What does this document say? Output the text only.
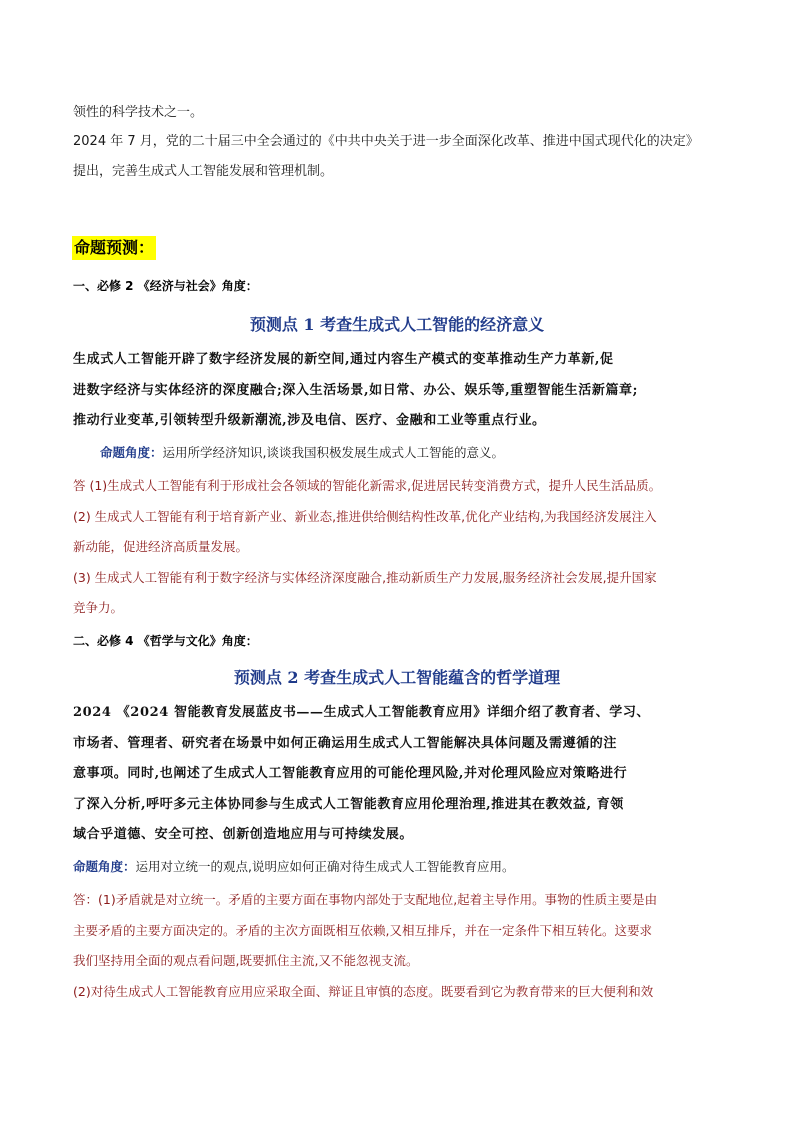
领性的科学技术之一。
2024 年 7 月，党的二十届三中全会通过的《中共中央关于进一步全面深化改革、推进中国式现代化的决定》
提出，完善生成式人工智能发展和管理机制。
命题预测：
一、必修 2 《经济与社会》角度：
预测点 1 考查生成式人工智能的经济意义
生成式人工智能开辟了数字经济发展的新空间,通过内容生产模式的变革推动生产力革新,促
进数字经济与实体经济的深度融合;深入生活场景,如日常、办公、娱乐等,重塑智能生活新篇章;
推动行业变革,引领转型升级新潮流,涉及电信、医疗、金融和工业等重点行业。
命题角度：运用所学经济知识,谈谈我国积极发展生成式人工智能的意义。
答 (1)生成式人工智能有利于形成社会各领域的智能化新需求,促进居民转变消费方式，提升人民生活品质。
(2) 生成式人工智能有利于培育新产业、新业态,推进供给侧结构性改革,优化产业结构,为我国经济发展注入
新动能，促进经济高质量发展。
(3) 生成式人工智能有利于数字经济与实体经济深度融合,推动新质生产力发展,服务经济社会发展,提升国家
竞争力。
二、必修 4 《哲学与文化》角度：
预测点 2 考查生成式人工智能蕴含的哲学道理
2024 《2024 智能教育发展蓝皮书——生成式人工智能教育应用》详细介绍了教育者、学习、
市场者、管理者、研究者在场景中如何正确运用生成式人工智能解决具体问题及需遵循的注
意事项。同时,也阐述了生成式人工智能教育应用的可能伦理风险,并对伦理风险应对策略进行
了深入分析,呼吁多元主体协同参与生成式人工智能教育应用伦理治理,推进其在教效益, 育领
域合乎道德、安全可控、创新创造地应用与可持续发展。
命题角度：运用对立统一的观点,说明应如何正确对待生成式人工智能教育应用。
答：(1)矛盾就是对立统一。矛盾的主要方面在事物内部处于支配地位,起着主导作用。事物的性质主要是由
主要矛盾的主要方面决定的。矛盾的主次方面既相互依赖,又相互排斥，并在一定条件下相互转化。这要求
我们坚持用全面的观点看问题,既要抓住主流,又不能忽视支流。
(2)对待生成式人工智能教育应用应采取全面、辩证且审慎的态度。既要看到它为教育带来的巨大便利和效
